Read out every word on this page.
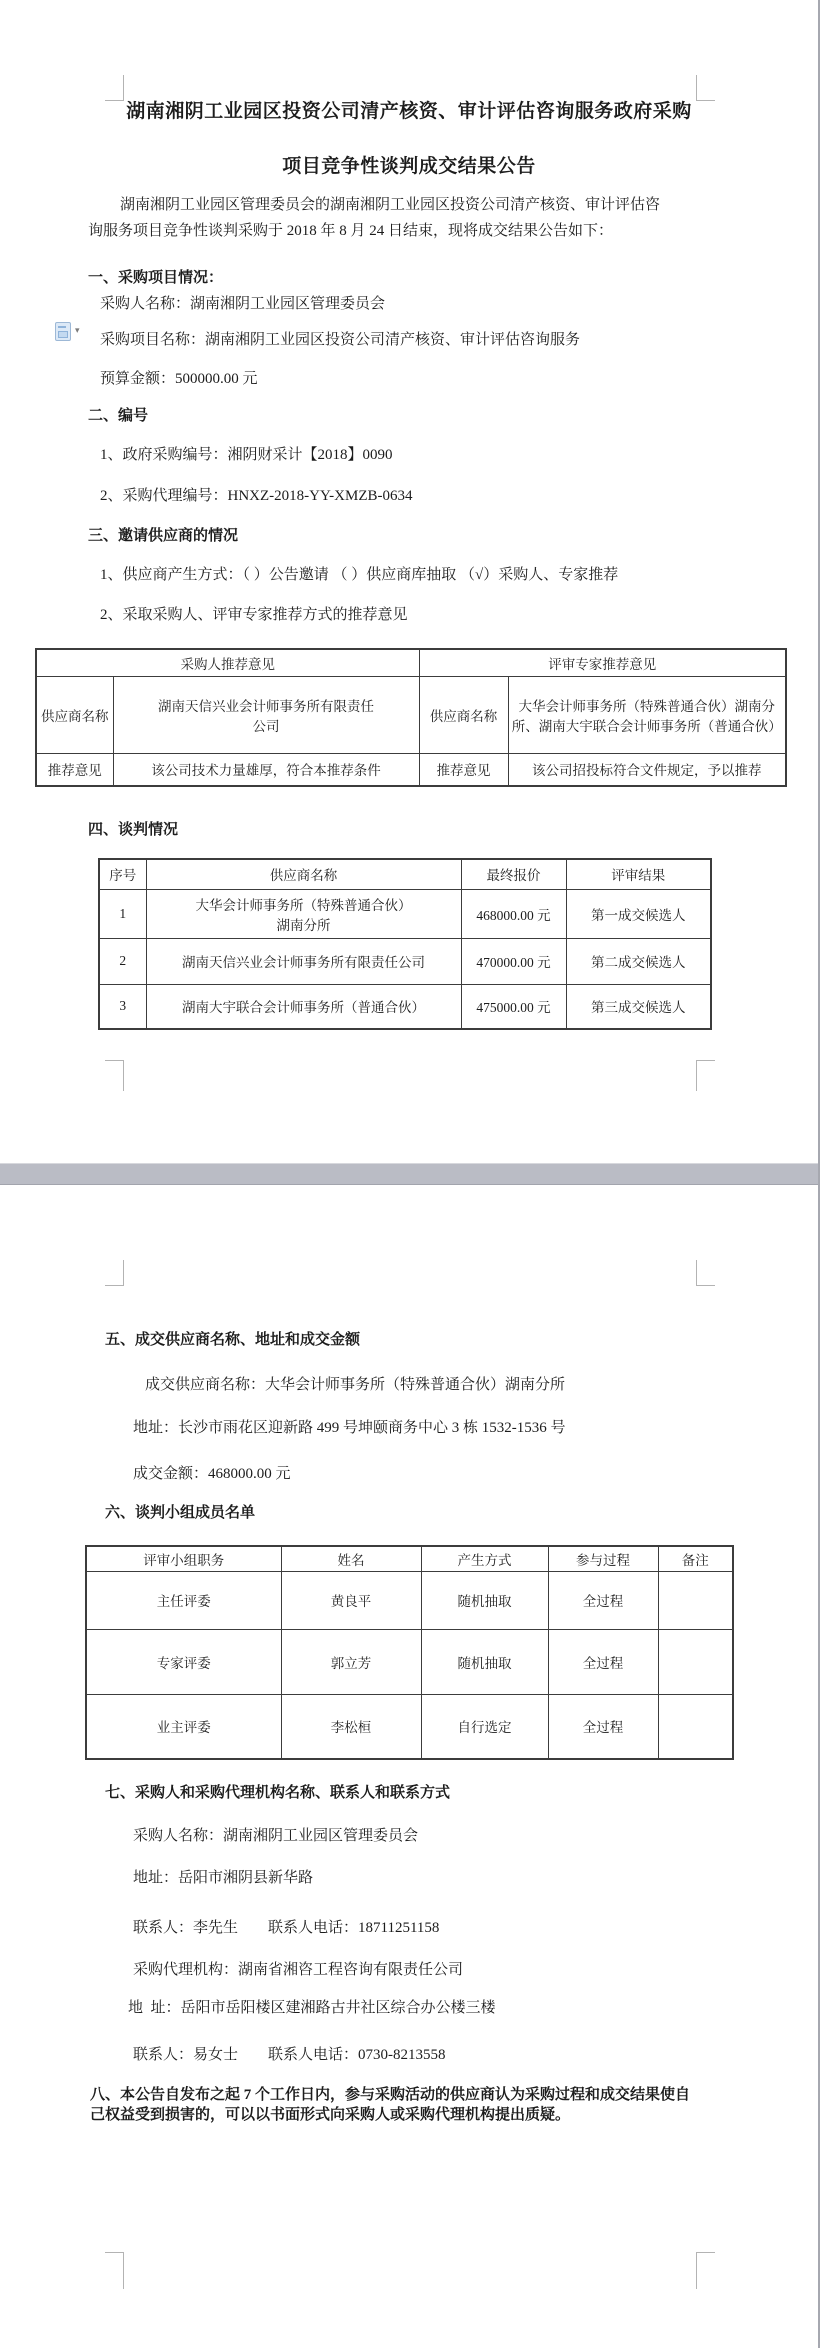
湖南湘阴工业园区投资公司清产核资、审计评估咨询服务政府采购
项目竞争性谈判成交结果公告
湖南湘阴工业园区管理委员会的湖南湘阴工业园区投资公司清产核资、审计评估咨询服务项目竞争性谈判采购于 2018 年 8 月 24 日结束，现将成交结果公告如下：
一、采购项目情况：
采购人名称：湖南湘阴工业园区管理委员会
▾
采购项目名称：湖南湘阴工业园区投资公司清产核资、审计评估咨询服务
预算金额：500000.00 元
二、编号
1、政府采购编号：湘阴财采计【2018】0090
2、采购代理编号：HNXZ-2018-YY-XMZB-0634
三、邀请供应商的情况
1、供应商产生方式：（ ）公告邀请 （ ）供应商库抽取 （√）采购人、专家推荐
2、采取采购人、评审专家推荐方式的推荐意见
采购人推荐意见		评审专家推荐意见	
供应商名称	湖南天信兴业会计师事务所有限责任公司	供应商名称	大华会计师事务所（特殊普通合伙）湖南分所、湖南大宇联合会计师事务所（普通合伙）
推荐意见	该公司技术力量雄厚，符合本推荐条件	推荐意见	该公司招投标符合文件规定，予以推荐
四、谈判情况
序号	供应商名称	最终报价	评审结果
1	大华会计师事务所（特殊普通合伙）湖南分所	468000.00 元	第一成交候选人
2	湖南天信兴业会计师事务所有限责任公司	470000.00 元	第二成交候选人
3	湖南大宇联合会计师事务所（普通合伙）	475000.00 元	第三成交候选人
五、成交供应商名称、地址和成交金额
成交供应商名称：大华会计师事务所（特殊普通合伙）湖南分所
地址：长沙市雨花区迎新路 499 号坤颐商务中心 3 栋 1532-1536 号
成交金额：468000.00 元
六、谈判小组成员名单
评审小组职务	姓名	产生方式	参与过程	备注
主任评委	黄良平	随机抽取	全过程	
专家评委	郭立芳	随机抽取	全过程	
业主评委	李松桓	自行选定	全过程	
七、采购人和采购代理机构名称、联系人和联系方式
采购人名称：湖南湘阴工业园区管理委员会
地址：岳阳市湘阴县新华路
联系人：李先生 联系人电话：18711251158
采购代理机构：湖南省湘咨工程咨询有限责任公司
地  址：岳阳市岳阳楼区建湘路古井社区综合办公楼三楼
联系人：易女士 联系人电话：0730-8213558
八、本公告自发布之起 7 个工作日内，参与采购活动的供应商认为采购过程和成交结果使自己权益受到损害的，可以以书面形式向采购人或采购代理机构提出质疑。
